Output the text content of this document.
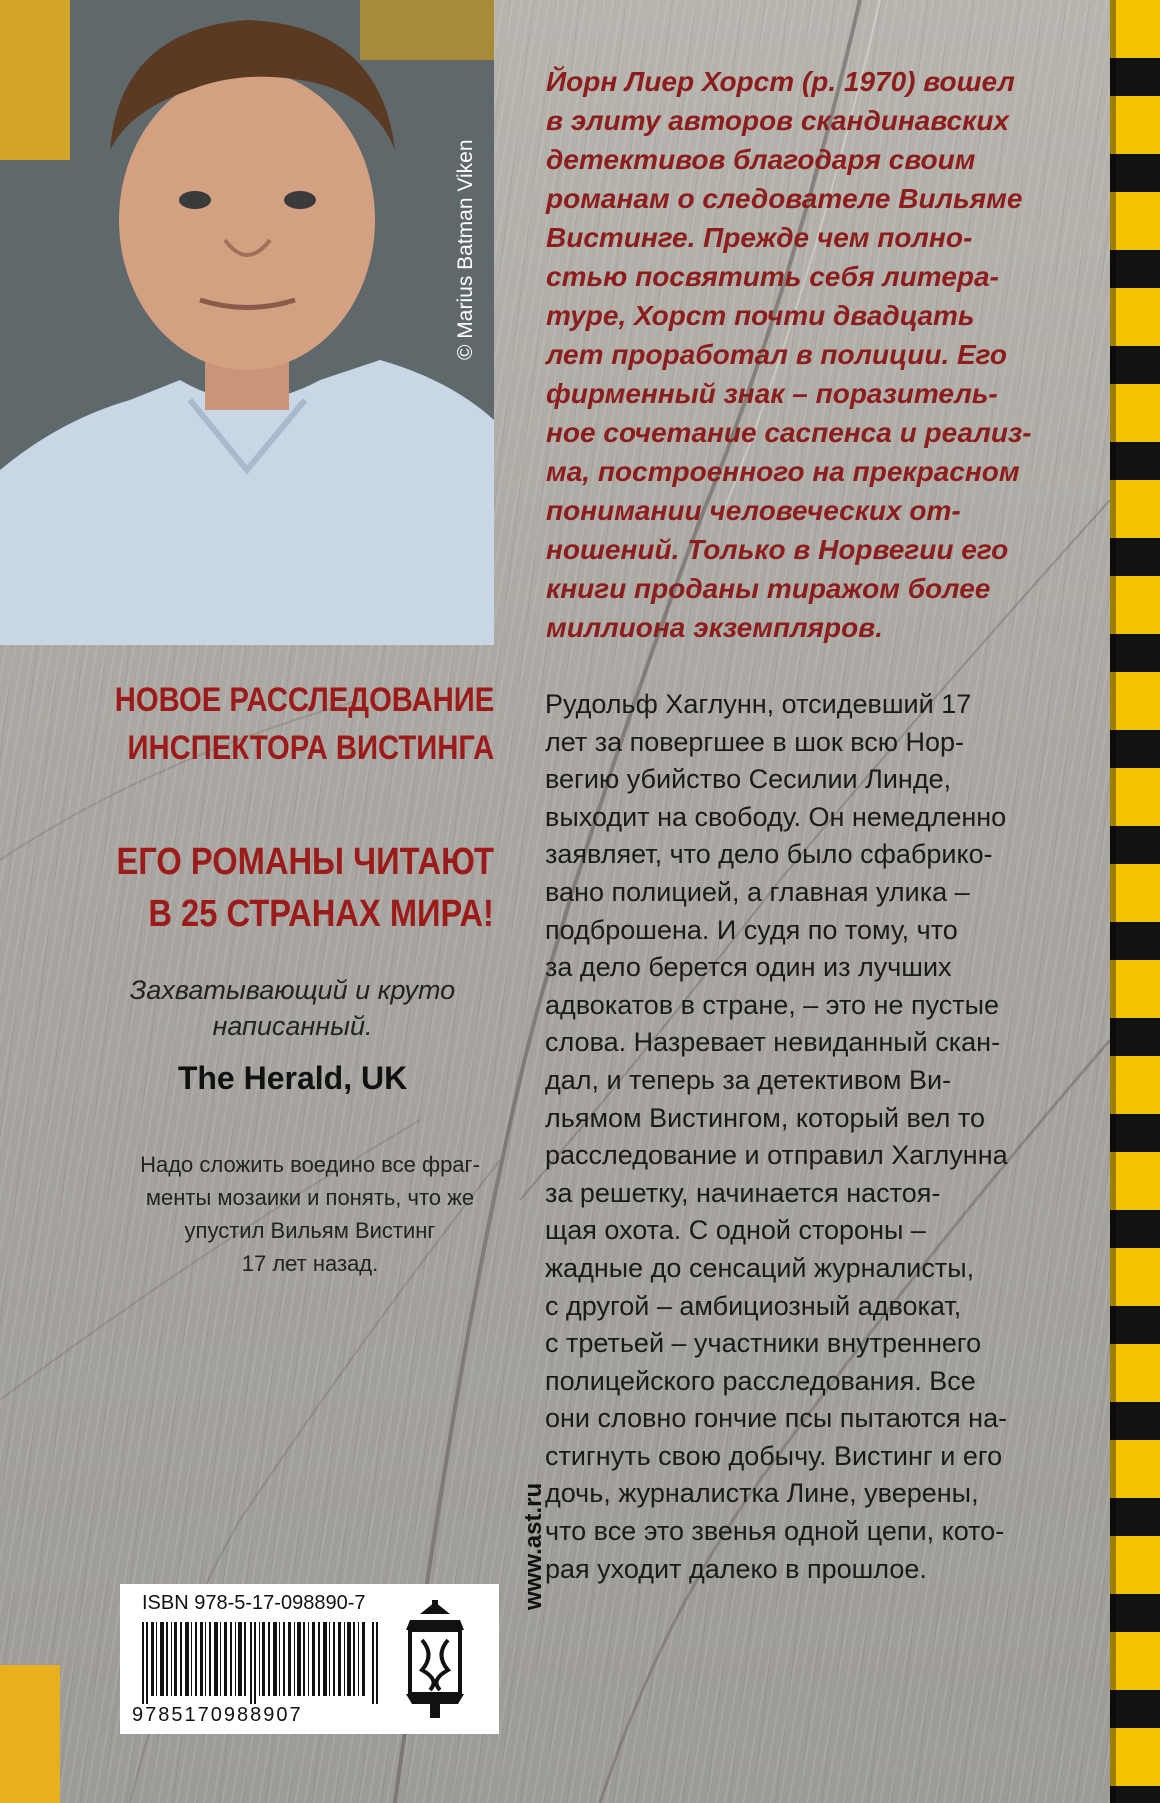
© Marius Batman Viken
Йорн Лиер Хорст (р. 1970) вошел
в элиту авторов скандинавских
детективов благодаря своим
романам о следователе Вильяме
Вистинге. Прежде чем полно-
стью посвятить себя литера-
туре, Хорст почти двадцать
лет проработал в полиции. Его
фирменный знак – поразитель-
ное сочетание саспенса и реализ-
ма, построенного на прекрасном
понимании человеческих от-
ношений. Только в Норвегии его
книги проданы тиражом более
миллиона экземпляров.
НОВОЕ РАССЛЕДОВАНИЕ
ИНСПЕКТОРА ВИСТИНГА
ЕГО РОМАНЫ ЧИТАЮТ
В 25 СТРАНАХ МИРА!
Захватывающий и круто
написанный.
The Herald, UK
Надо сложить воедино все фраг-
менты мозаики и понять, что же
упустил Вильям Вистинг
17 лет назад.
Рудольф Хаглунн, отсидевший 17
лет за повергшее в шок всю Нор-
вегию убийство Сесилии Линде,
выходит на свободу. Он немедленно
заявляет, что дело было сфабрико-
вано полицией, а главная улика –
подброшена. И судя по тому, что
за дело берется один из лучших
адвокатов в стране, – это не пустые
слова. Назревает невиданный скан-
дал, и теперь за детективом Ви-
льямом Вистингом, который вел то
расследование и отправил Хаглунна
за решетку, начинается настоя-
щая охота. С одной стороны –
жадные до сенсаций журналисты,
с другой – амбициозный адвокат,
с третьей – участники внутреннего
полицейского расследования. Все
они словно гончие псы пытаются на-
стигнуть свою добычу. Вистинг и его
дочь, журналистка Лине, уверены,
что все это звенья одной цепи, кото-
рая уходит далеко в прошлое.
ISBN 978-5-17-098890-7
9785170988907
www.ast.ru
